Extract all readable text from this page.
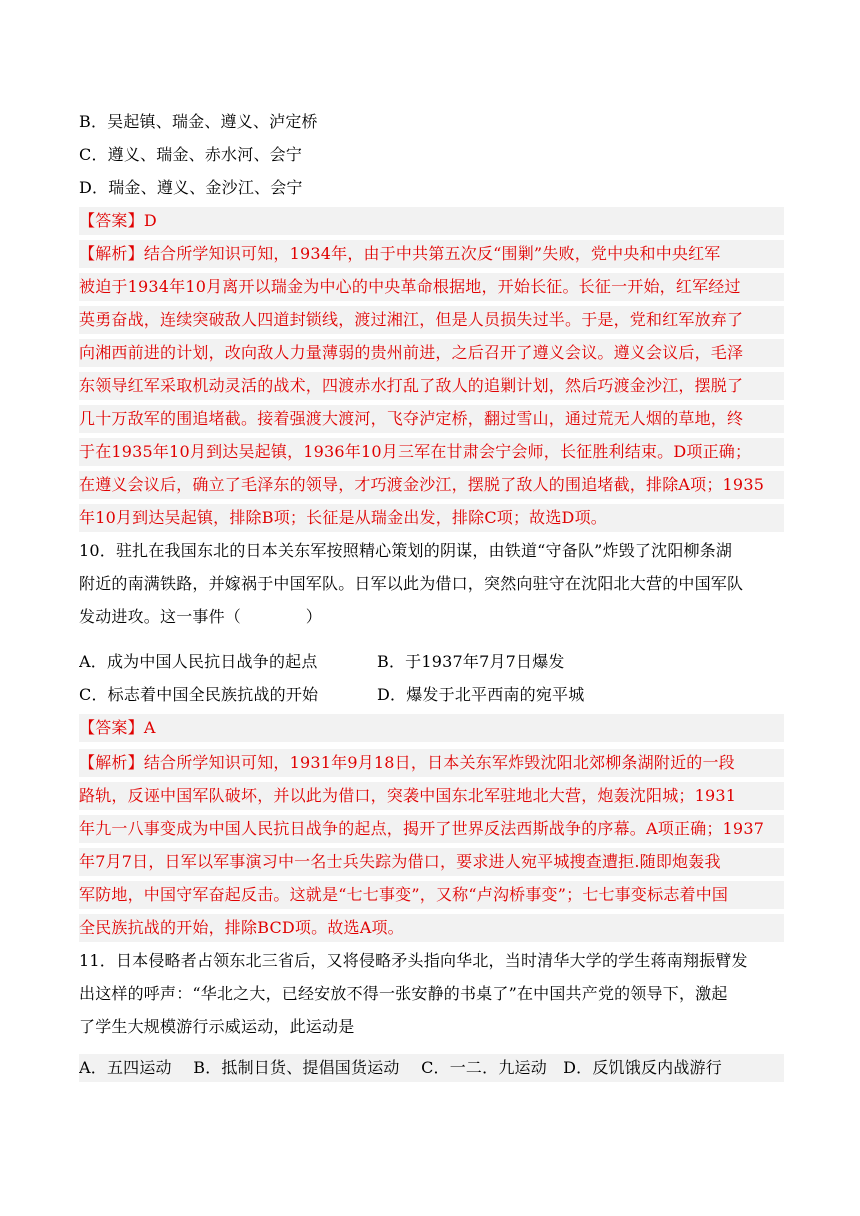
B．吴起镇、瑞金、遵义、泸定桥
C．遵义、瑞金、赤水河、会宁
D．瑞金、遵义、金沙江、会宁
【答案】D
【解析】结合所学知识可知，1934年，由于中共第五次反“围剿”失败，党中央和中央红军
被迫于1934年10月离开以瑞金为中心的中央革命根据地，开始长征。长征一开始，红军经过
英勇奋战，连续突破敌人四道封锁线，渡过湘江，但是人员损失过半。于是，党和红军放弃了
向湘西前进的计划，改向敌人力量薄弱的贵州前进，之后召开了遵义会议。遵义会议后，毛泽
东领导红军采取机动灵活的战术，四渡赤水打乱了敌人的追剿计划，然后巧渡金沙江，摆脱了
几十万敌军的围追堵截。接着强渡大渡河，飞夺泸定桥，翻过雪山，通过荒无人烟的草地，终
于在1935年10月到达吴起镇，1936年10月三军在甘肃会宁会师，长征胜利结束。D项正确；
在遵义会议后，确立了毛泽东的领导，才巧渡金沙江，摆脱了敌人的围追堵截，排除A项；1935
年10月到达吴起镇，排除B项；长征是从瑞金出发，排除C项；故选D项。
10．驻扎在我国东北的日本关东军按照精心策划的阴谋，由铁道“守备队”炸毁了沈阳柳条湖
附近的南满铁路，并嫁祸于中国军队。日军以此为借口，突然向驻守在沈阳北大营的中国军队
发动进攻。这一事件（　　　　）
A．成为中国人民抗日战争的起点	B．于1937年7月7日爆发
C．标志着中国全民族抗战的开始	D．爆发于北平西南的宛平城
【答案】A
【解析】结合所学知识可知，1931年9月18日，日本关东军炸毁沈阳北郊柳条湖附近的一段
路轨，反诬中国军队破坏，并以此为借口，突袭中国东北军驻地北大营，炮轰沈阳城；1931
年九一八事变成为中国人民抗日战争的起点，揭开了世界反法西斯战争的序幕。A项正确；1937
年7月7日，日军以军事演习中一名士兵失踪为借口，要求进人宛平城搜查遭拒.随即炮轰我
军防地，中国守军奋起反击。这就是“七七事变”，又称“卢沟桥事变”；七七事变标志着中国
全民族抗战的开始，排除BCD项。故选A项。
11．日本侵略者占领东北三省后，又将侵略矛头指向华北，当时清华大学的学生蒋南翔振臂发
出这样的呼声：“华北之大，已经安放不得一张安静的书桌了”在中国共产党的领导下，激起
了学生大规模游行示威运动，此运动是
A．五四运动　 B．抵制日货、提倡国货运动　 C．一二．九运动　D．反饥饿反内战游行
